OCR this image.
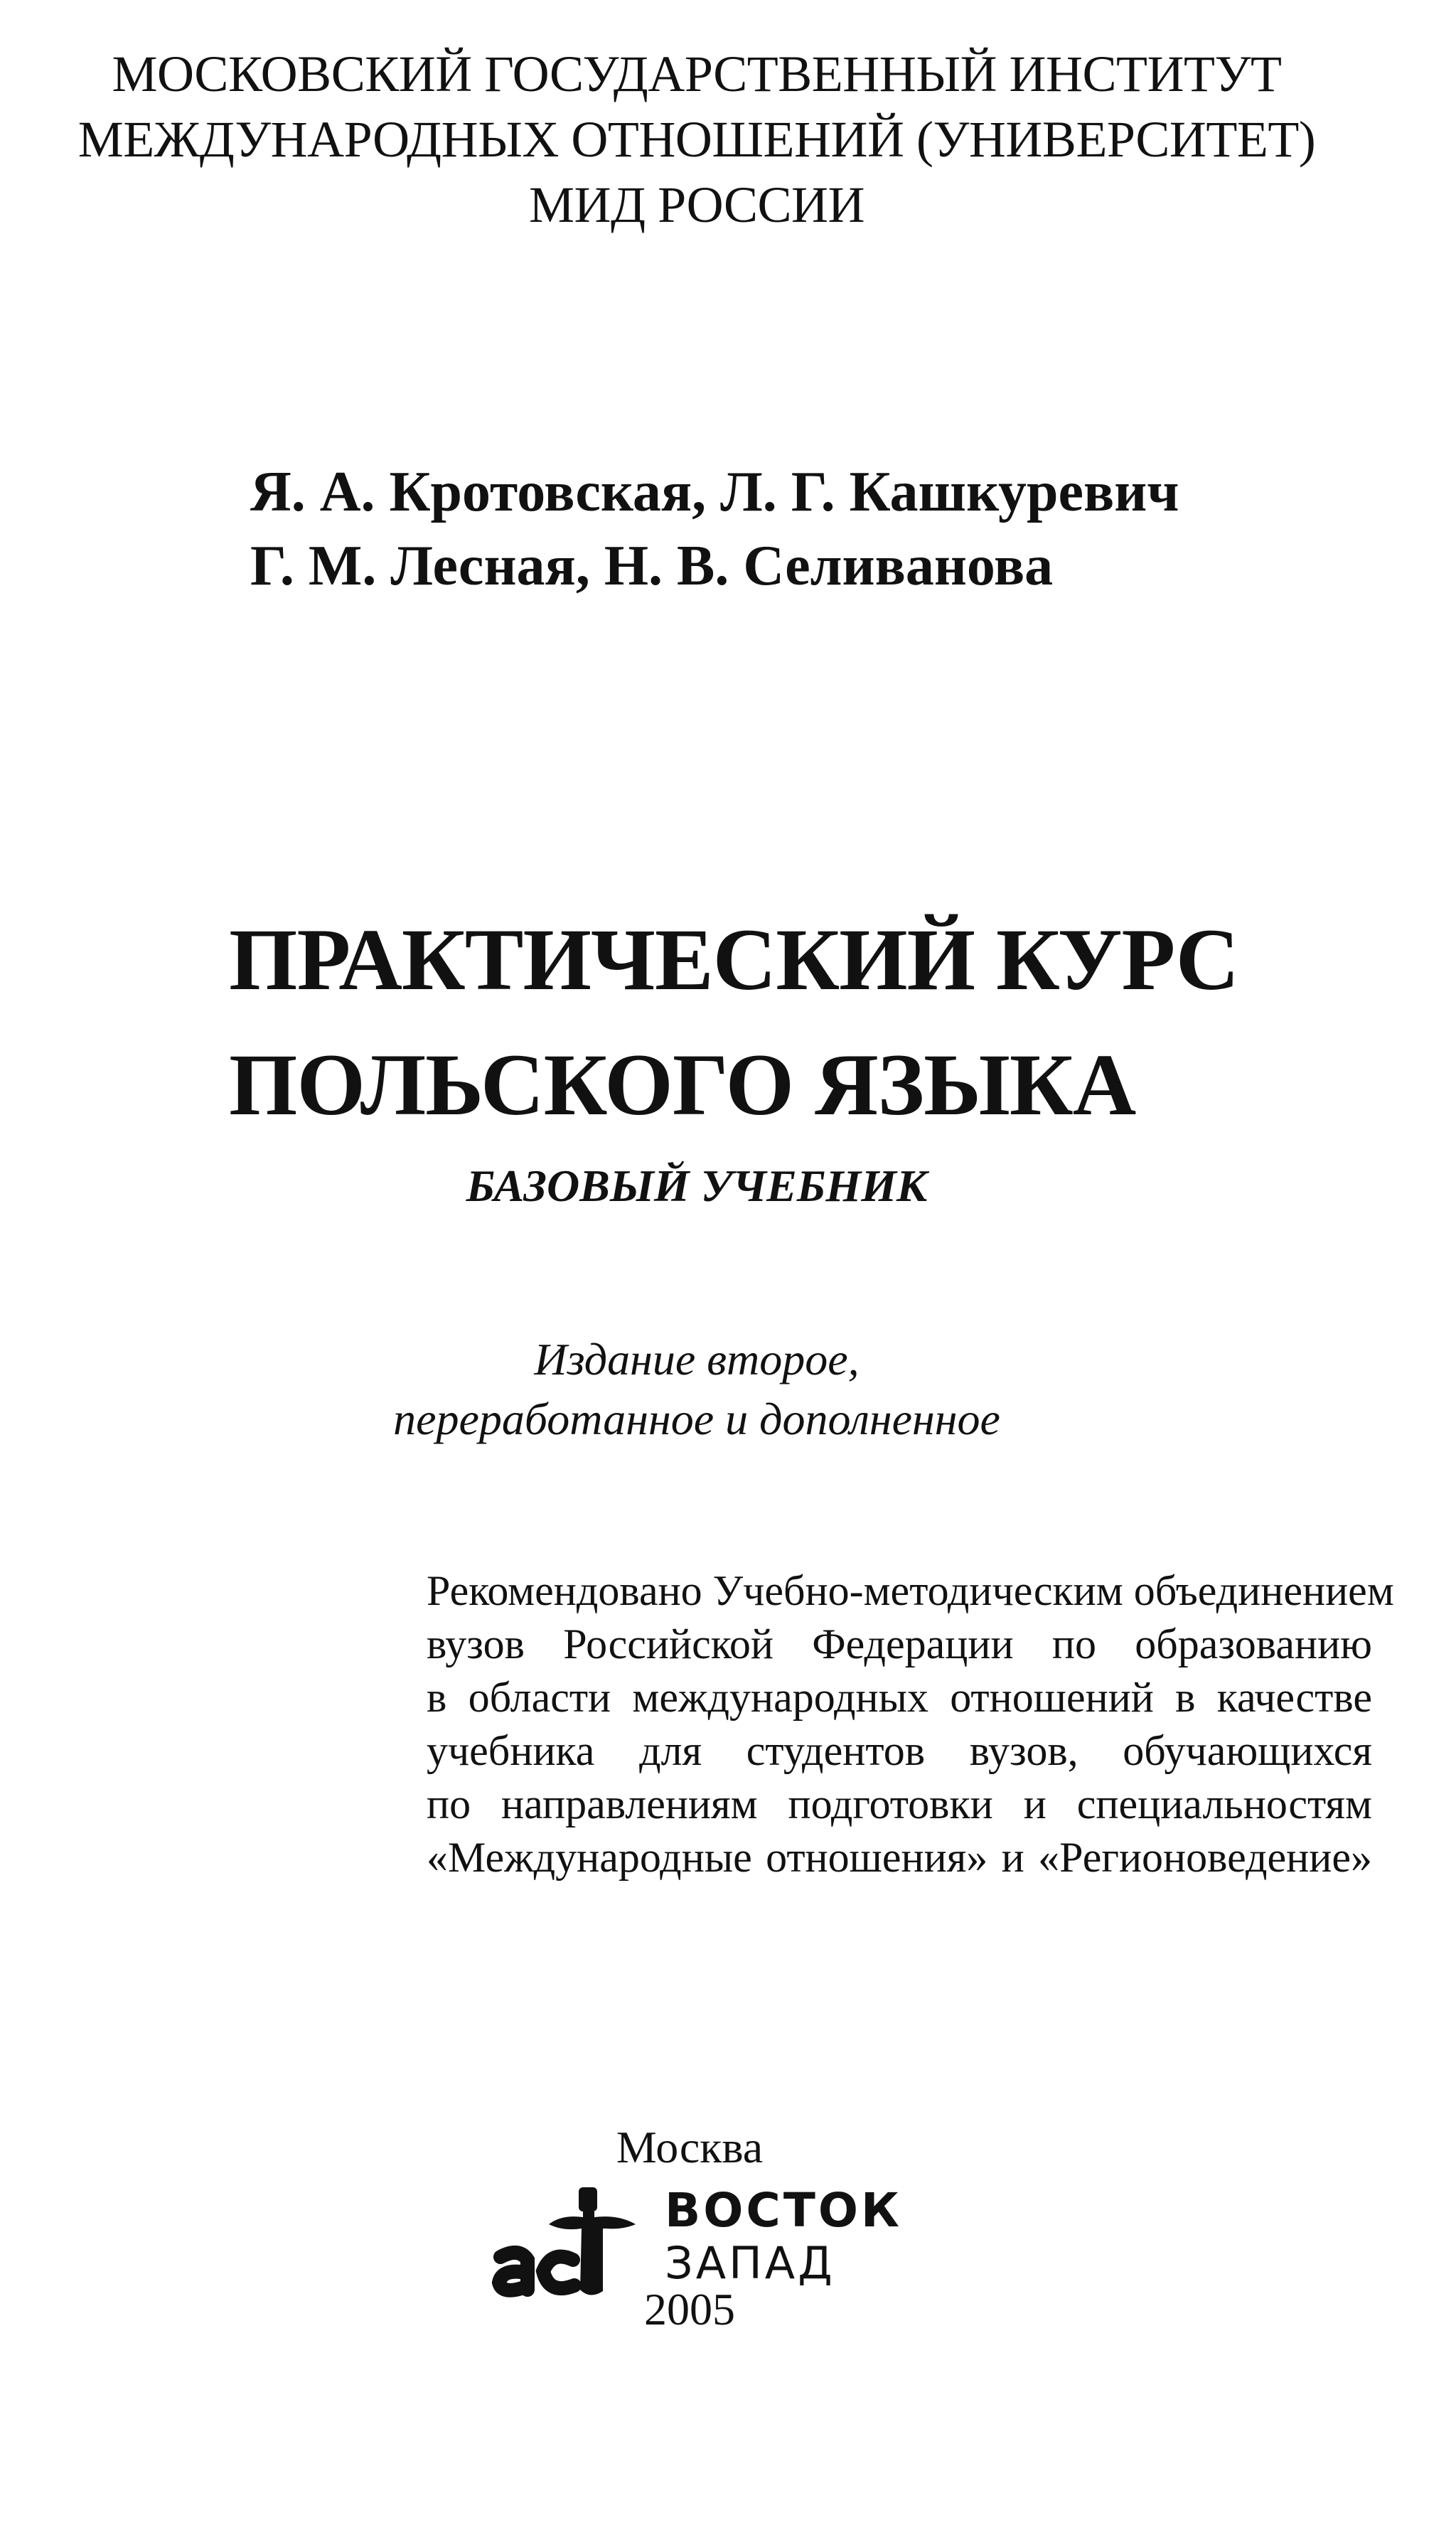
МОСКОВСКИЙ ГОСУДАРСТВЕННЫЙ ИНСТИТУТ
МЕЖДУНАРОДНЫХ ОТНОШЕНИЙ (УНИВЕРСИТЕТ)
МИД РОССИИ
Я. А. Кротовская, Л. Г. Кашкуревич
Г. М. Лесная, Н. В. Селиванова
ПРАКТИЧЕСКИЙ КУРС
ПОЛЬСКОГО ЯЗЫКА
БАЗОВЫЙ УЧЕБНИК
Издание второе,
переработанное и дополненное
Рекомендовано Учебно-методическим объединением
вузов Российской Федерации по образованию
в области международных отношений в качестве
учебника для студентов вузов, обучающихся
по направлениям подготовки и специальностям
«Международные отношения» и «Регионоведение»
Москва
аст
ВОСТОК
ЗАПАД
2005
